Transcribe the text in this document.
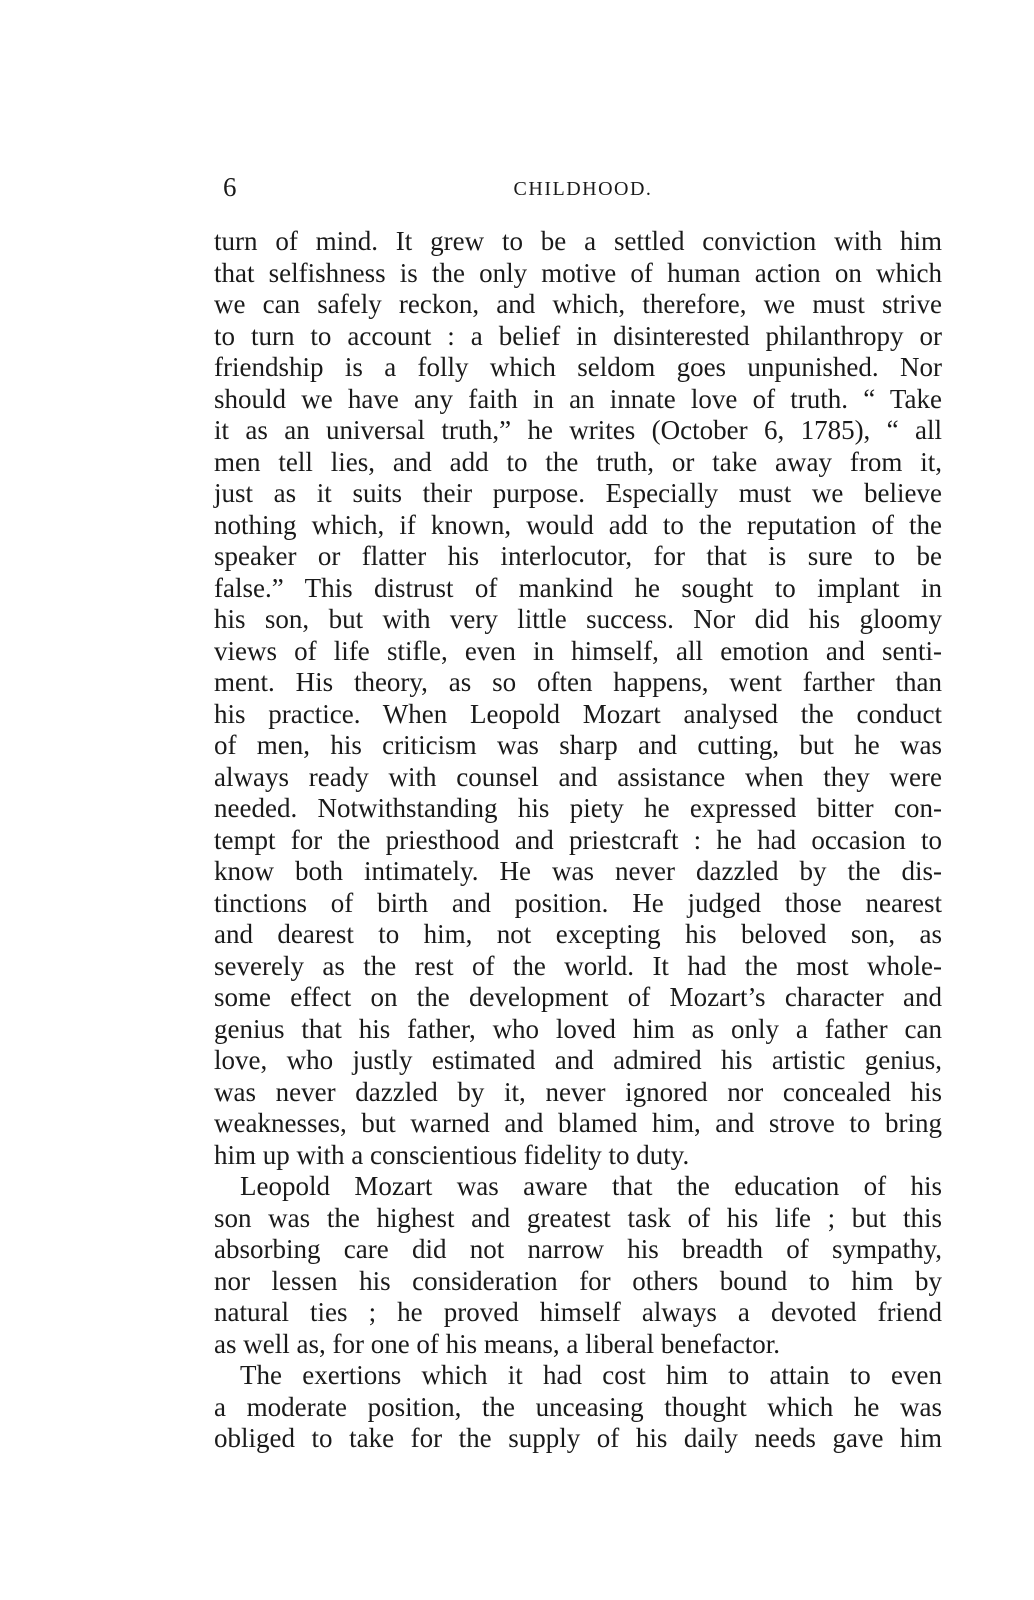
6	CHILDHOOD.
turn of mind. It grew to be a settled conviction with him
that selfishness is the only motive of human action on which
we can safely reckon, and which, therefore, we must strive
to turn to account : a belief in disinterested philanthropy or
friendship is a folly which seldom goes unpunished. Nor
should we have any faith in an innate love of truth. “ Take
it as an universal truth,” he writes (October 6, 1785), “ all
men tell lies, and add to the truth, or take away from it,
just as it suits their purpose. Especially must we believe
nothing which, if known, would add to the reputation of the
speaker or flatter his interlocutor, for that is sure to be
false.” This distrust of mankind he sought to implant in
his son, but with very little success. Nor did his gloomy
views of life stifle, even in himself, all emotion and senti-
ment. His theory, as so often happens, went farther than
his practice. When Leopold Mozart analysed the conduct
of men, his criticism was sharp and cutting, but he was
always ready with counsel and assistance when they were
needed. Notwithstanding his piety he expressed bitter con-
tempt for the priesthood and priestcraft : he had occasion to
know both intimately. He was never dazzled by the dis-
tinctions of birth and position. He judged those nearest
and dearest to him, not excepting his beloved son, as
severely as the rest of the world. It had the most whole-
some effect on the development of Mozart’s character and
genius that his father, who loved him as only a father can
love, who justly estimated and admired his artistic genius,
was never dazzled by it, never ignored nor concealed his
weaknesses, but warned and blamed him, and strove to bring
him up with a conscientious fidelity to duty.
Leopold Mozart was aware that the education of his
son was the highest and greatest task of his life ; but this
absorbing care did not narrow his breadth of sympathy,
nor lessen his consideration for others bound to him by
natural ties ; he proved himself always a devoted friend
as well as, for one of his means, a liberal benefactor.
The exertions which it had cost him to attain to even
a moderate position, the unceasing thought which he was
obliged to take for the supply of his daily needs gave him
